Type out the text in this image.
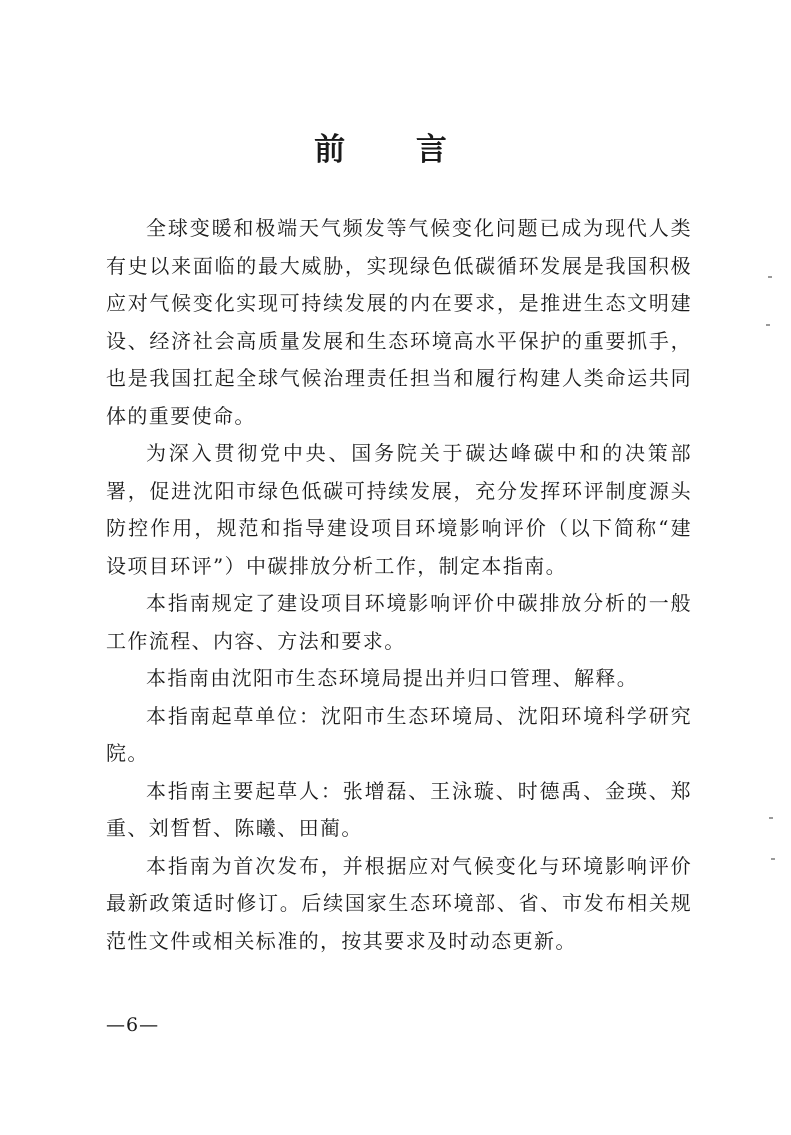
前 言

全球变暖和极端天气频发等气候变化问题已成为现代人类有史以来面临的最大威胁，实现绿色低碳循环发展是我国积极应对气候变化实现可持续发展的内在要求，是推进生态文明建设、经济社会高质量发展和生态环境高水平保护的重要抓手，也是我国扛起全球气候治理责任担当和履行构建人类命运共同体的重要使命。

为深入贯彻党中央、国务院关于碳达峰碳中和的决策部署，促进沈阳市绿色低碳可持续发展，充分发挥环评制度源头防控作用，规范和指导建设项目环境影响评价（以下简称“建设项目环评”）中碳排放分析工作，制定本指南。

本指南规定了建设项目环境影响评价中碳排放分析的一般工作流程、内容、方法和要求。

本指南由沈阳市生态环境局提出并归口管理、解释。

本指南起草单位：沈阳市生态环境局、沈阳环境科学研究院。

本指南主要起草人：张增磊、王泳璇、时德禹、金瑛、郑重、刘晳晳、陈曦、田蔺。

本指南为首次发布，并根据应对气候变化与环境影响评价最新政策适时修订。后续国家生态环境部、省、市发布相关规范性文件或相关标准的，按其要求及时动态更新。

—6—
